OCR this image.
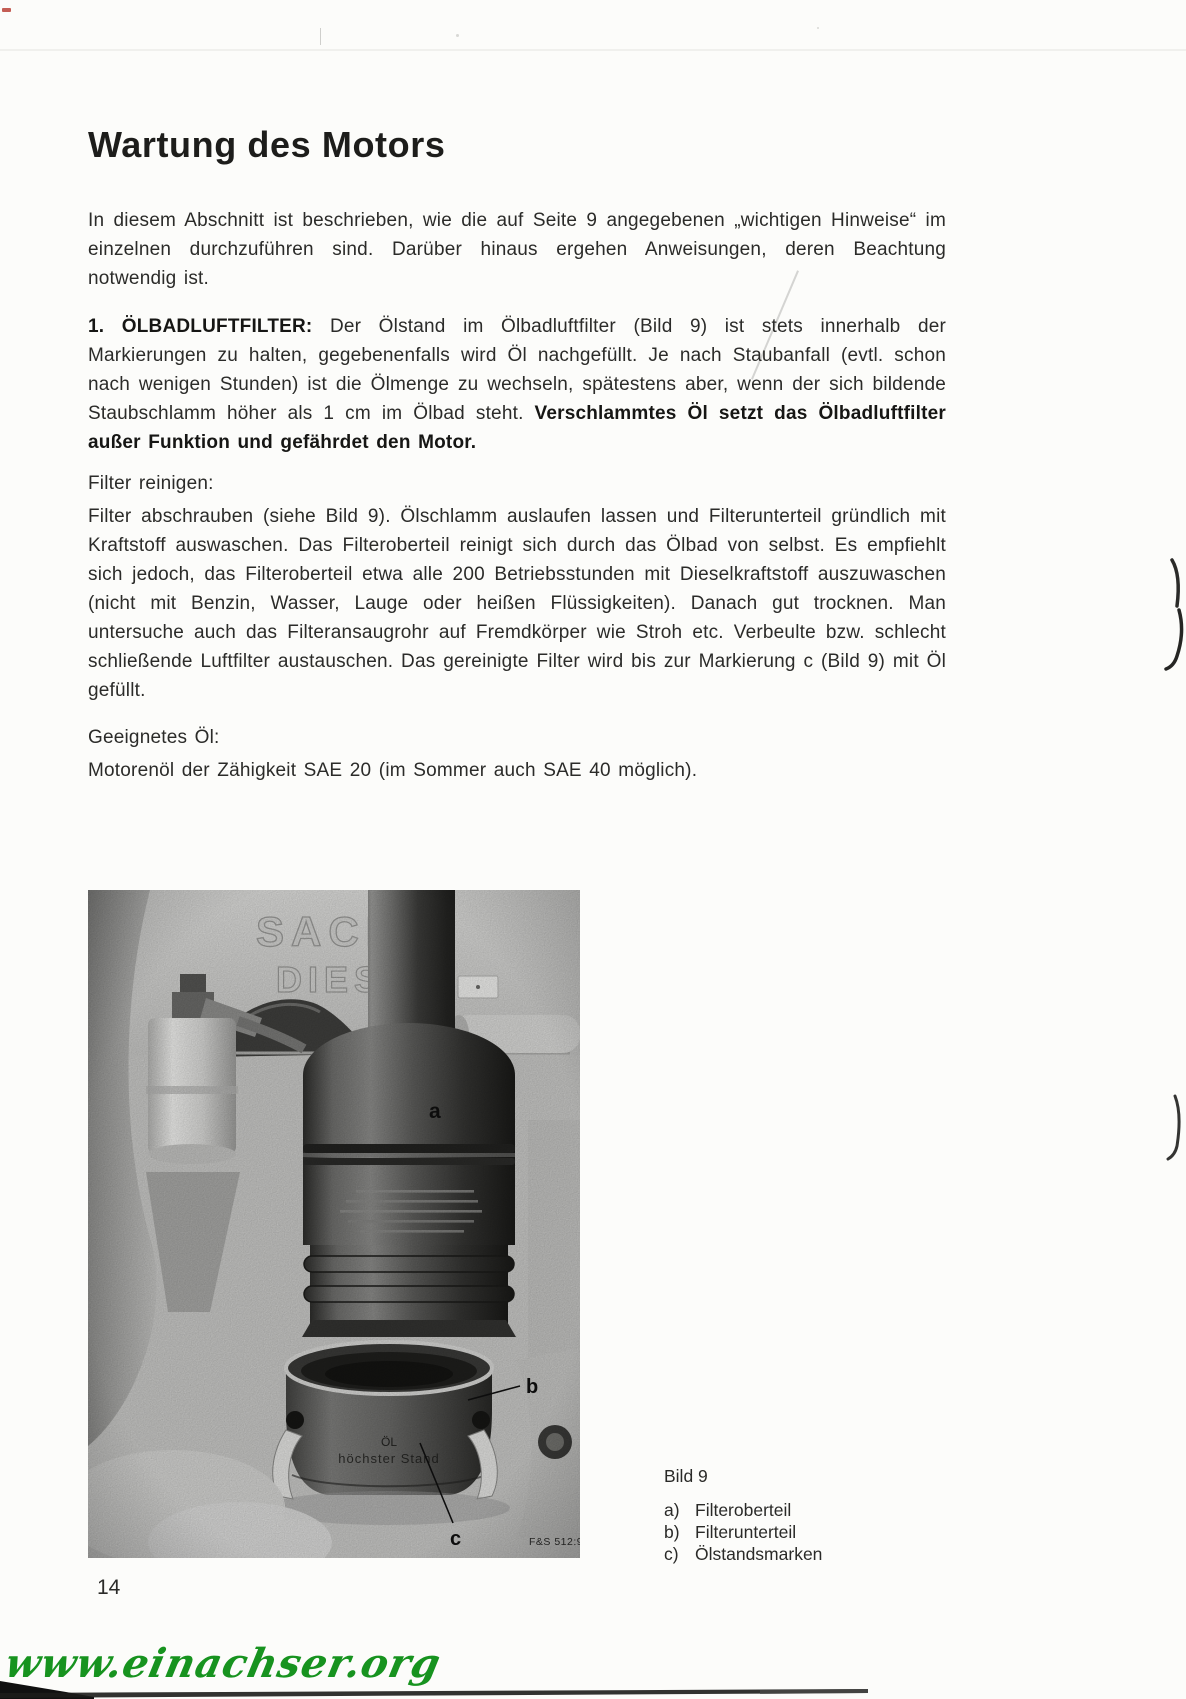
Wartung des Motors
In diesem Abschnitt ist beschrieben, wie die auf Seite 9 angegebenen „wichtigen Hinweise“ im einzelnen durchzuführen sind. Darüber hinaus ergehen Anweisungen, deren Beachtung notwendig ist.
1. ÖLBADLUFTFILTER: Der Ölstand im Ölbadluftfilter (Bild 9) ist stets innerhalb der Markierungen zu halten, gegebenenfalls wird Öl nachgefüllt. Je nach Staubanfall (evtl. schon nach wenigen Stunden) ist die Ölmenge zu wechseln, spätestens aber, wenn der sich bildende Staubschlamm höher als 1 cm im Ölbad steht. Verschlammtes Öl setzt das Ölbadluftfilter außer Funktion und gefährdet den Motor.
Filter reinigen:
Filter abschrauben (siehe Bild 9). Ölschlamm auslaufen lassen und Filterunterteil gründlich mit Kraftstoff auswaschen. Das Filteroberteil reinigt sich durch das Ölbad von selbst. Es empfiehlt sich jedoch, das Filteroberteil etwa alle 200 Betriebsstunden mit Dieselkraftstoff auszuwaschen (nicht mit Benzin, Wasser, Lauge oder heißen Flüssigkeiten). Danach gut trocknen. Man untersuche auch das Filteransaugrohr auf Fremdkörper wie Stroh etc. Verbeulte bzw. schlecht schließende Luftfilter austauschen. Das gereinigte Filter wird bis zur Markierung c (Bild 9) mit Öl gefüllt.
Geeignetes Öl:
Motorenöl der Zähigkeit SAE 20 (im Sommer auch SAE 40 möglich).
Bild 9
a) Filteroberteil
b) Filterunterteil
c) Ölstandsmarken
14
www.einachser.org
